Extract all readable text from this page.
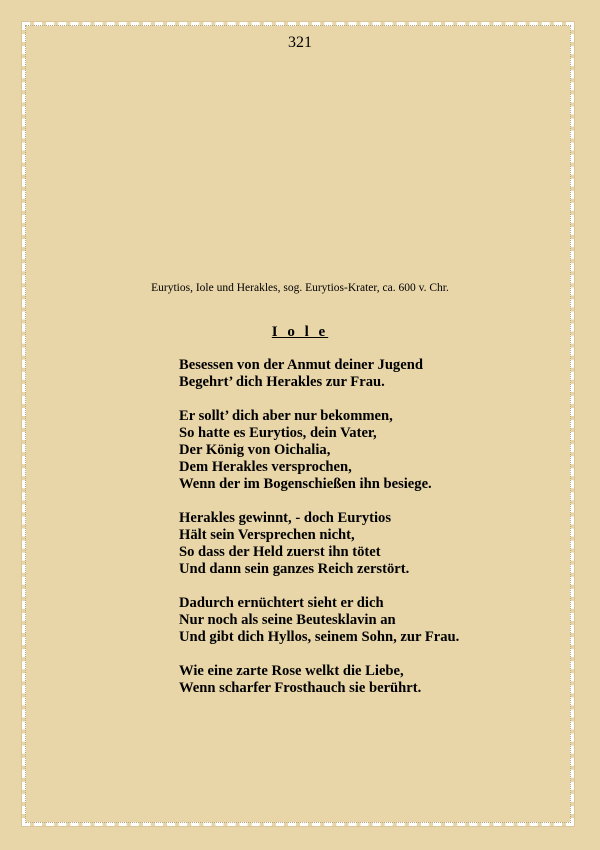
321
Eurytios, Iole und Herakles, sog. Eurytios-Krater, ca. 600 v. Chr.
I o l e
Besessen von der Anmut deiner Jugend
Begehrt’ dich Herakles zur Frau.
Er sollt’ dich aber nur bekommen,
So hatte es Eurytios, dein Vater,
Der König von Oichalia,
Dem Herakles versprochen,
Wenn der im Bogenschießen ihn besiege.
Herakles gewinnt, - doch Eurytios
Hält sein Versprechen nicht,
So dass der Held zuerst ihn tötet
Und dann sein ganzes Reich zerstört.
Dadurch ernüchtert sieht er dich
Nur noch als seine Beutesklavin an
Und gibt dich Hyllos, seinem Sohn, zur Frau.
Wie eine zarte Rose welkt die Liebe,
Wenn scharfer Frosthauch sie berührt.
